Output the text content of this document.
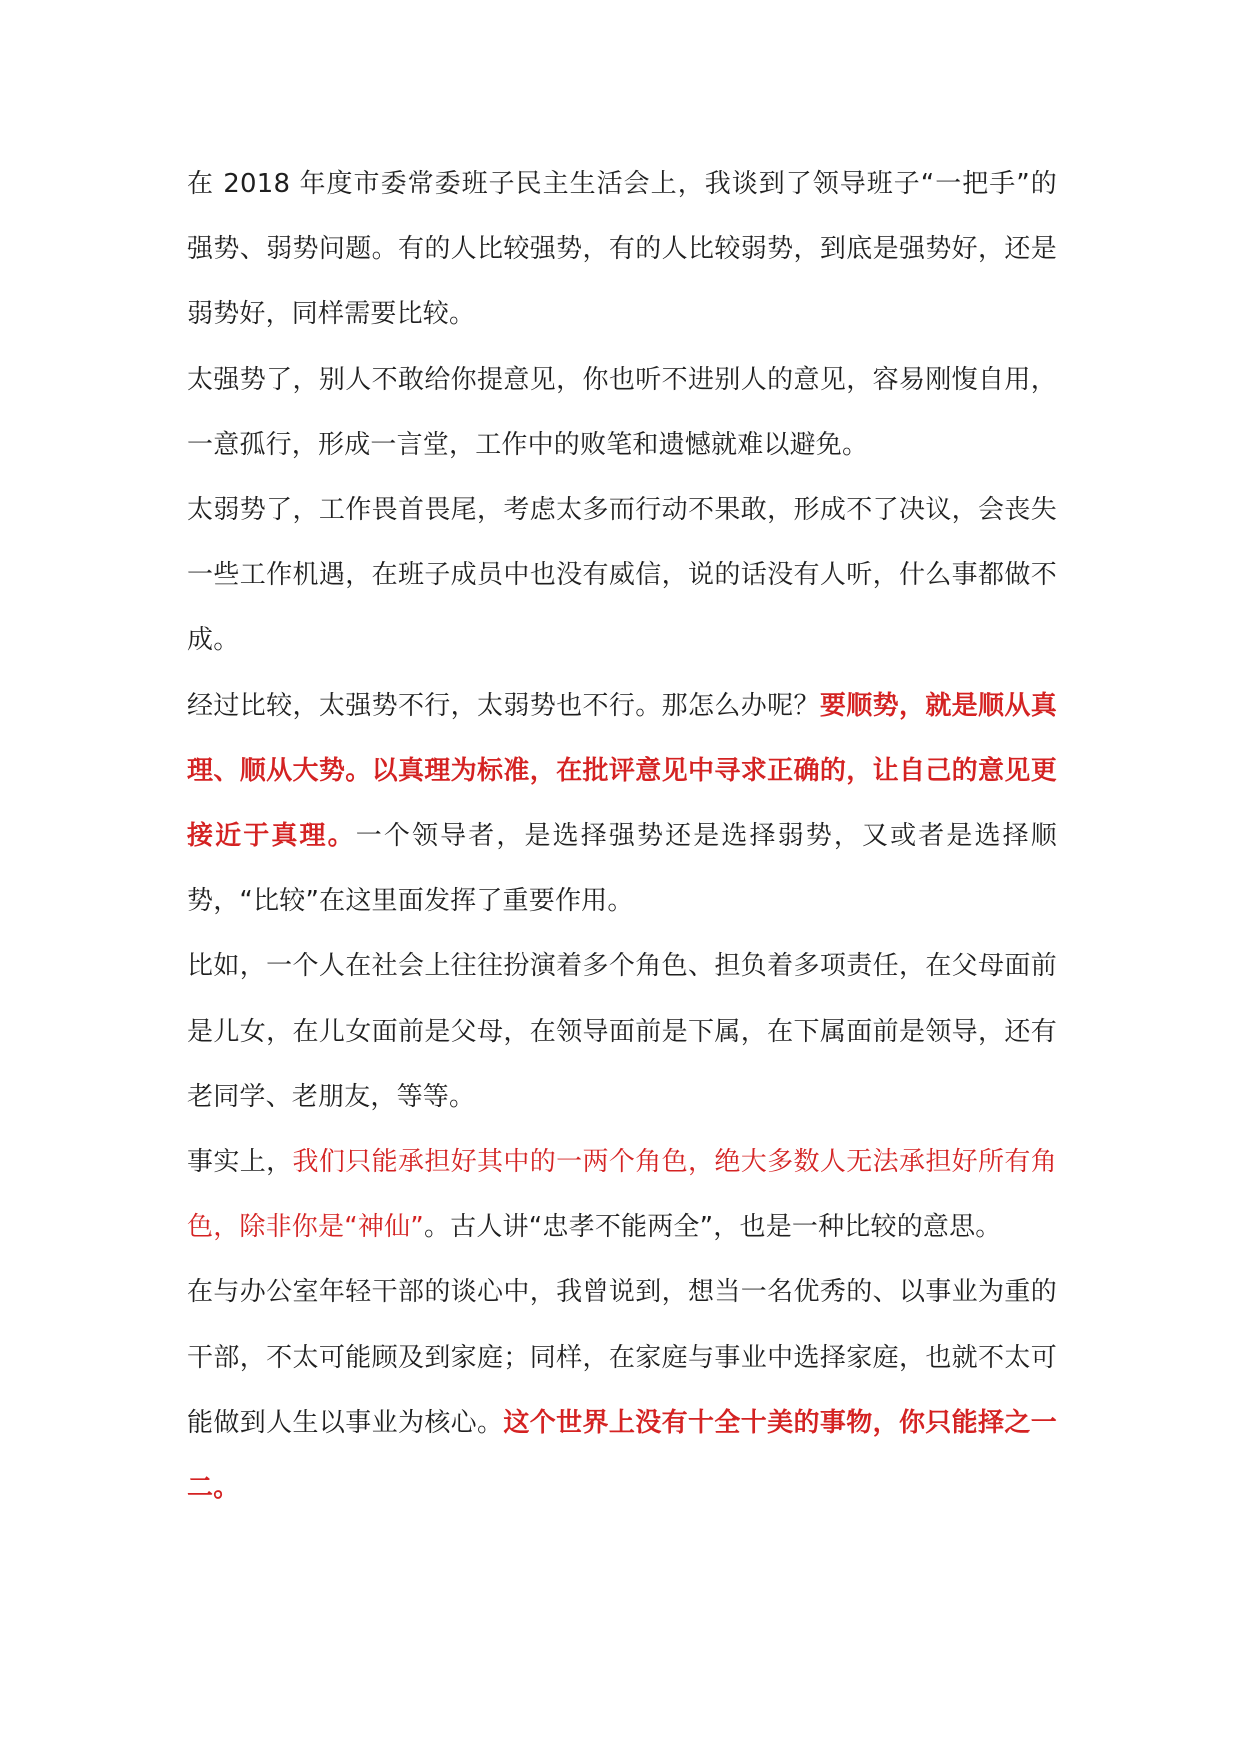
在 2018 年度市委常委班子民主生活会上，我谈到了领导班子“一把手”的强势、弱势问题。有的人比较强势，有的人比较弱势，到底是强势好，还是弱势好，同样需要比较。

太强势了，别人不敢给你提意见，你也听不进别人的意见，容易刚愎自用，一意孤行，形成一言堂，工作中的败笔和遗憾就难以避免。

太弱势了，工作畏首畏尾，考虑太多而行动不果敢，形成不了决议，会丧失一些工作机遇，在班子成员中也没有威信，说的话没有人听，什么事都做不成。

经过比较，太强势不行，太弱势也不行。那怎么办呢？要顺势，就是顺从真理、顺从大势。以真理为标准，在批评意见中寻求正确的，让自己的意见更接近于真理。一个领导者，是选择强势还是选择弱势，又或者是选择顺势，“比较”在这里面发挥了重要作用。

比如，一个人在社会上往往扮演着多个角色、担负着多项责任，在父母面前是儿女，在儿女面前是父母，在领导面前是下属，在下属面前是领导，还有老同学、老朋友，等等。

事实上，我们只能承担好其中的一两个角色，绝大多数人无法承担好所有角色，除非你是“神仙”。古人讲“忠孝不能两全”，也是一种比较的意思。

在与办公室年轻干部的谈心中，我曾说到，想当一名优秀的、以事业为重的干部，不太可能顾及到家庭；同样，在家庭与事业中选择家庭，也就不太可能做到人生以事业为核心。这个世界上没有十全十美的事物，你只能择之一二。
